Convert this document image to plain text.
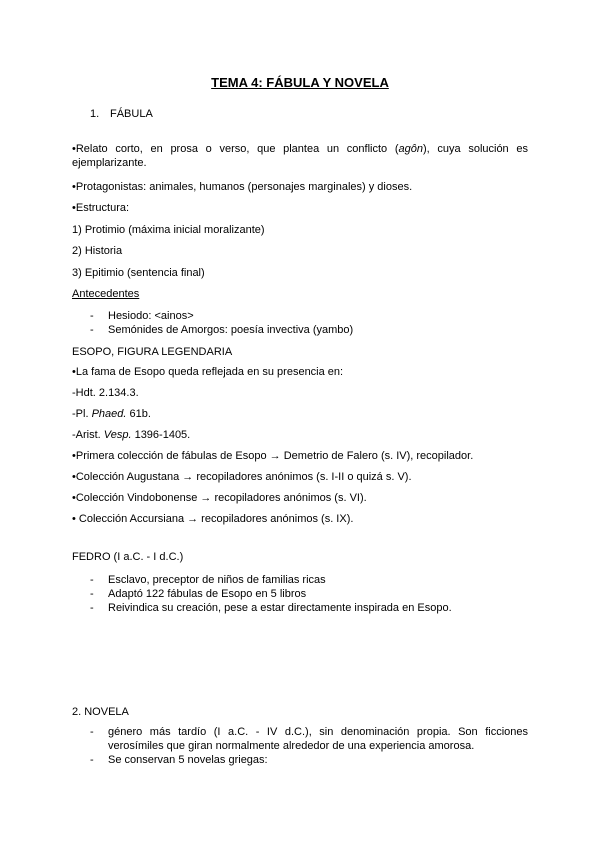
TEMA 4: FÁBULA Y NOVELA
1. FÁBULA
•Relato corto, en prosa o verso, que plantea un conflicto (agôn), cuya solución es ejemplarizante.
•Protagonistas: animales, humanos (personajes marginales) y dioses.
•Estructura:
1) Protimio (máxima inicial moralizante)
2) Historia
3) Epitimio (sentencia final)
Antecedentes
- Hesiodo: <ainos>
- Semónides de Amorgos: poesía invectiva (yambo)
ESOPO, FIGURA LEGENDARIA
•La fama de Esopo queda reflejada en su presencia en:
-Hdt. 2.134.3.
-Pl. Phaed. 61b.
-Arist. Vesp. 1396-1405.
•Primera colección de fábulas de Esopo → Demetrio de Falero (s. IV), recopilador.
•Colección Augustana → recopiladores anónimos (s. I-II o quizá s. V).
•Colección Vindobonense → recopiladores anónimos (s. VI).
• Colección Accursiana → recopiladores anónimos (s. IX).
FEDRO (I a.C. - I d.C.)
- Esclavo, preceptor de niños de familias ricas
- Adaptó 122 fábulas de Esopo en 5 libros
- Reivindica su creación, pese a estar directamente inspirada en Esopo.
2. NOVELA
- género más tardío (I a.C. - IV d.C.), sin denominación propia. Son ficciones verosímiles que giran normalmente alrededor de una experiencia amorosa.
- Se conservan 5 novelas griegas:
